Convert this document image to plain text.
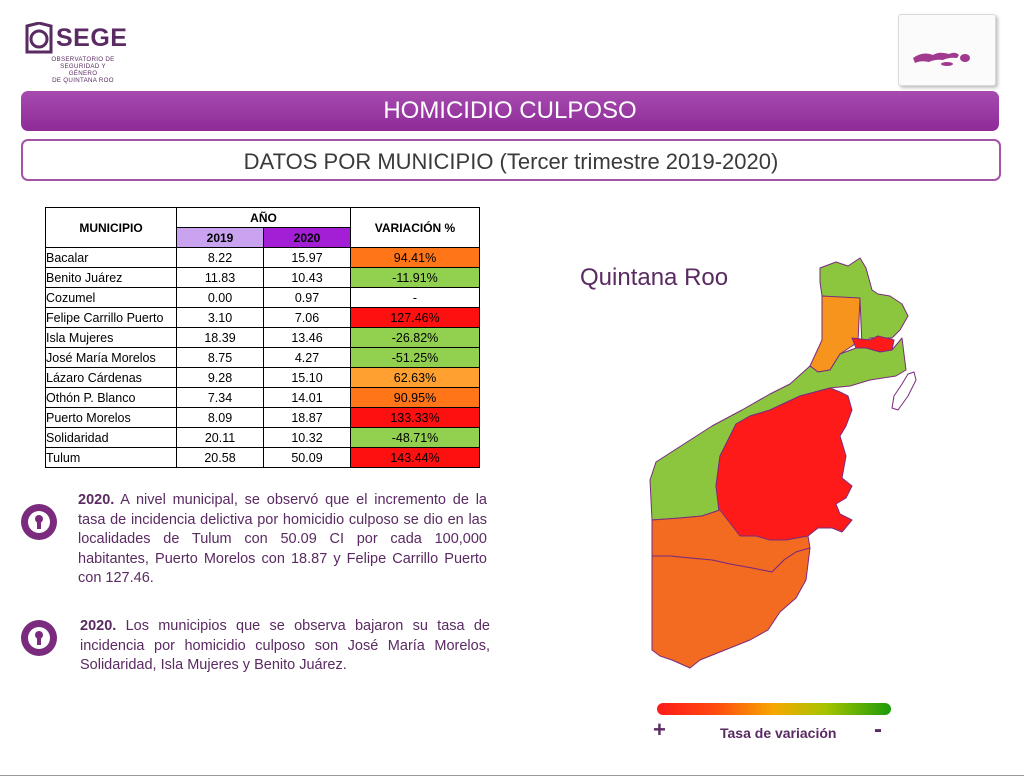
SEGE
OBSERVATORIO DE
SEGURIDAD Y GÉNERO
DE QUINTANA ROO
HOMICIDIO CULPOSO
DATOS POR MUNICIPIO (Tercer trimestre 2019-2020)
MUNICIPIO	AÑO		VARIACIÓN %
	2019	2020	
Bacalar	8.22	15.97	94.41%
Benito Juárez	11.83	10.43	-11.91%
Cozumel	0.00	0.97	-
Felipe Carrillo Puerto	3.10	7.06	127.46%
Isla Mujeres	18.39	13.46	-26.82%
José María Morelos	8.75	4.27	-51.25%
Lázaro Cárdenas	9.28	15.10	62.63%
Othón P. Blanco	7.34	14.01	90.95%
Puerto Morelos	8.09	18.87	133.33%
Solidaridad	20.11	10.32	-48.71%
Tulum	20.58	50.09	143.44%
2020. A nivel municipal, se observó que el incremento de la tasa de incidencia delictiva por homicidio culposo se dio en las localidades de Tulum con 50.09 CI por cada 100,000 habitantes, Puerto Morelos con 18.87 y Felipe Carrillo Puerto con 127.46.
2020. Los municipios que se observa bajaron su tasa de incidencia por homicidio culposo son José María Morelos, Solidaridad, Isla Mujeres y Benito Juárez.
Quintana Roo
+	Tasa de variación -
